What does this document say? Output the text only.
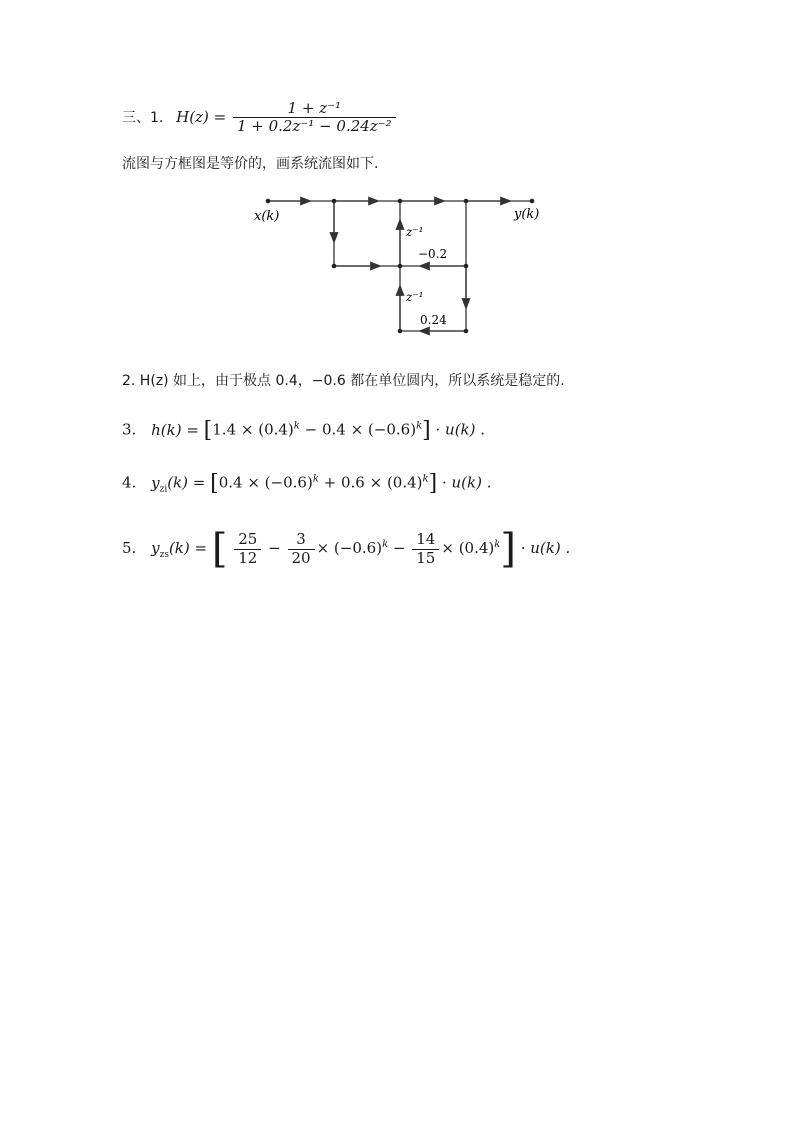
三、1. $H(z) = \frac{\text{1 + z⁻¹}}{\text{1 + 0.2z⁻¹ − 0.24z⁻²}}$
流图与方框图是等价的，画系统流图如下.
x(k)	y(k)
z⁻¹
−0.2
z⁻¹
0.24
2. H(z) 如上，由于极点 0.4，−0.6 都在单位圆内，所以系统是稳定的.
3. $h(k) = [1.4 \times (0.4)^k - 0.4 \times (-0.6)^k] \cdot u(k)$ .
4. $y_{zi}(k) = [0.4 \times (-0.6)^k + 0.6 \times (0.4)^k] \cdot u(k)$ .
5. $y_{zs}(k)$ = [ $\frac{25}{12} - \frac{3}{20} \times (-0.6)^k - \frac{14}{15} \times (0.4)^k] \cdot u(k)$ .
